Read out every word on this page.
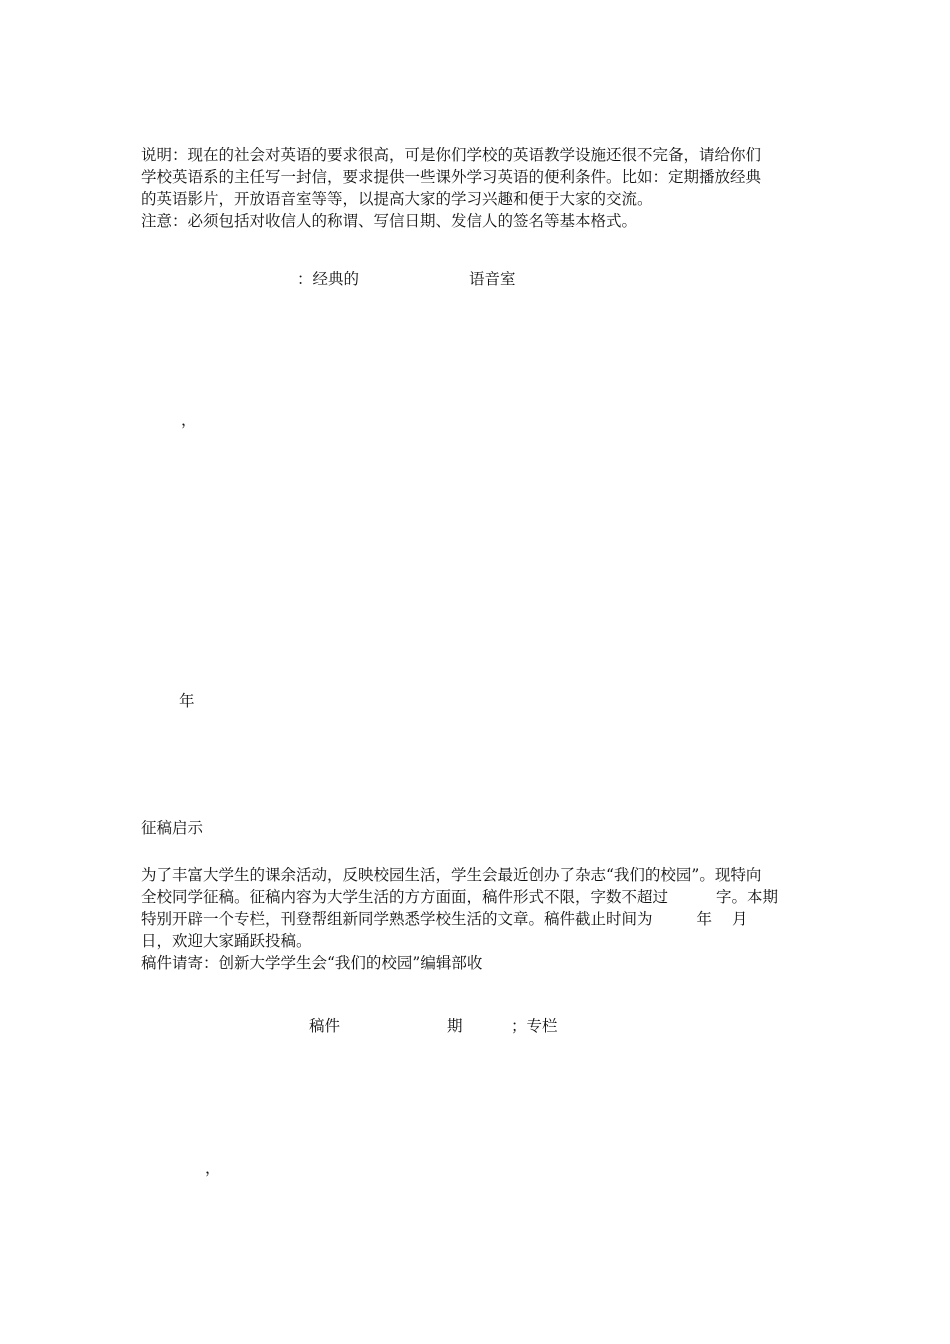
说明：现在的社会对英语的要求很高，可是你们学校的英语教学设施还很不完备，请给你们
学校英语系的主任写一封信，要求提供一些课外学习英语的便利条件。比如：定期播放经典
的英语影片，开放语音室等等，以提高大家的学习兴趣和便于大家的交流。
注意：必须包括对收信人的称谓、写信日期、发信人的签名等基本格式。
：经典的	语音室
，
年
征稿启示
为了丰富大学生的课余活动，反映校园生活，学生会最近创办了杂志“我们的校园”。现特向
全校同学征稿。征稿内容为大学生活的方方面面，稿件形式不限，字数不超过	字。本期
特别开辟一个专栏，刊登帮组新同学熟悉学校生活的文章。稿件截止时间为	年 月
日，欢迎大家踊跃投稿。
稿件请寄：创新大学学生会“我们的校园”编辑部收
稿件	期	；专栏
，
